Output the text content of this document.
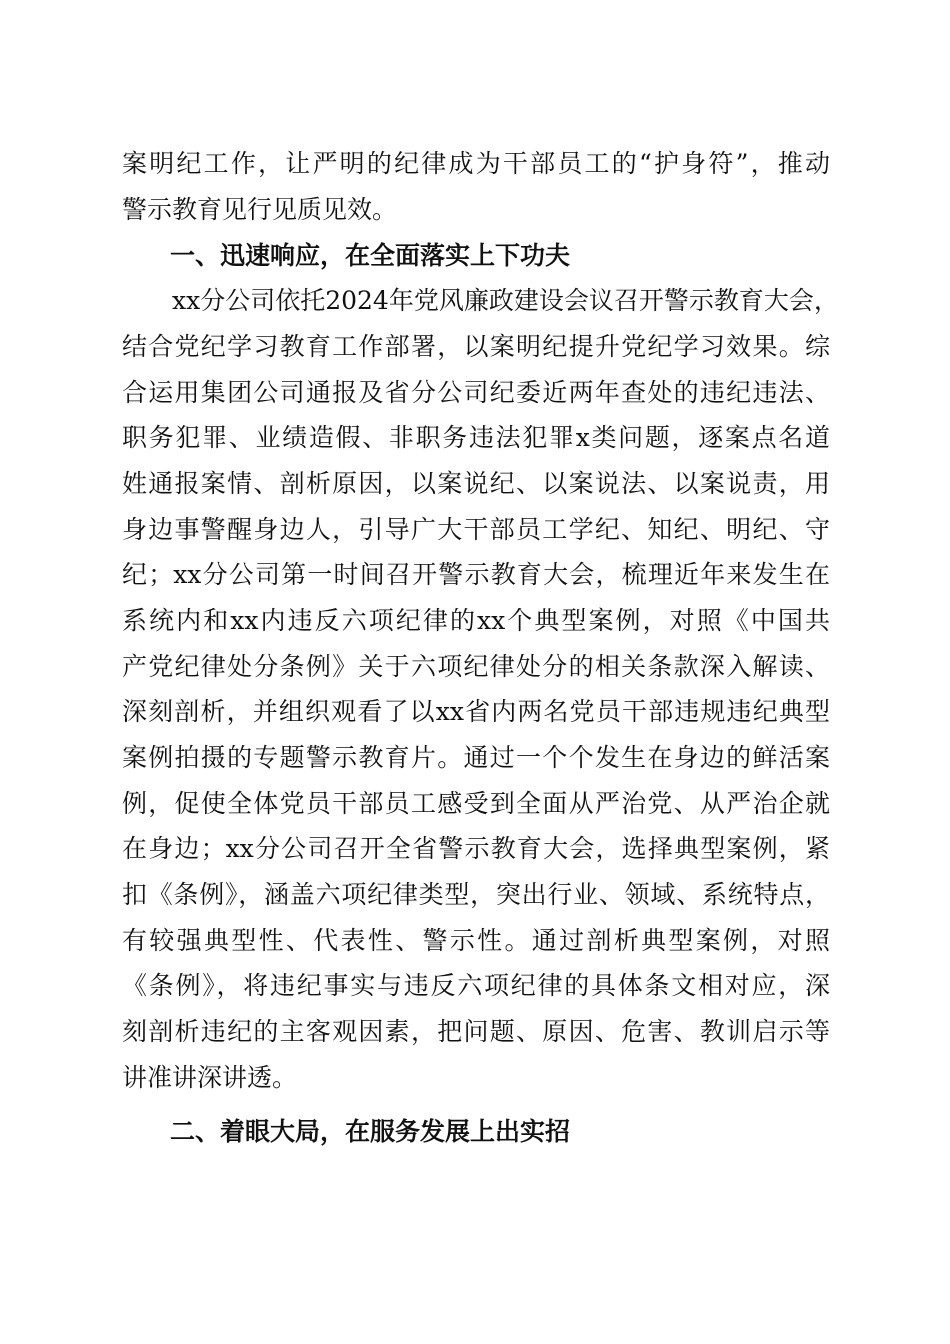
案明纪工作，让严明的纪律成为干部员工的“护身符”，推动
警示教育见行见质见效。
一、迅速响应，在全面落实上下功夫
　　xx分公司依托2024年党风廉政建设会议召开警示教育大会，
结合党纪学习教育工作部署，以案明纪提升党纪学习效果。综
合运用集团公司通报及省分公司纪委近两年查处的违纪违法、
职务犯罪、业绩造假、非职务违法犯罪x类问题，逐案点名道
姓通报案情、剖析原因，以案说纪、以案说法、以案说责，用
身边事警醒身边人，引导广大干部员工学纪、知纪、明纪、守
纪；xx分公司第一时间召开警示教育大会，梳理近年来发生在
系统内和xx内违反六项纪律的xx个典型案例，对照《中国共
产党纪律处分条例》关于六项纪律处分的相关条款深入解读、
深刻剖析，并组织观看了以xx省内两名党员干部违规违纪典型
案例拍摄的专题警示教育片。通过一个个发生在身边的鲜活案
例，促使全体党员干部员工感受到全面从严治党、从严治企就
在身边；xx分公司召开全省警示教育大会，选择典型案例，紧
扣《条例》，涵盖六项纪律类型，突出行业、领域、系统特点，
有较强典型性、代表性、警示性。通过剖析典型案例，对照
《条例》，将违纪事实与违反六项纪律的具体条文相对应，深
刻剖析违纪的主客观因素，把问题、原因、危害、教训启示等
讲准讲深讲透。
二、着眼大局，在服务发展上出实招
